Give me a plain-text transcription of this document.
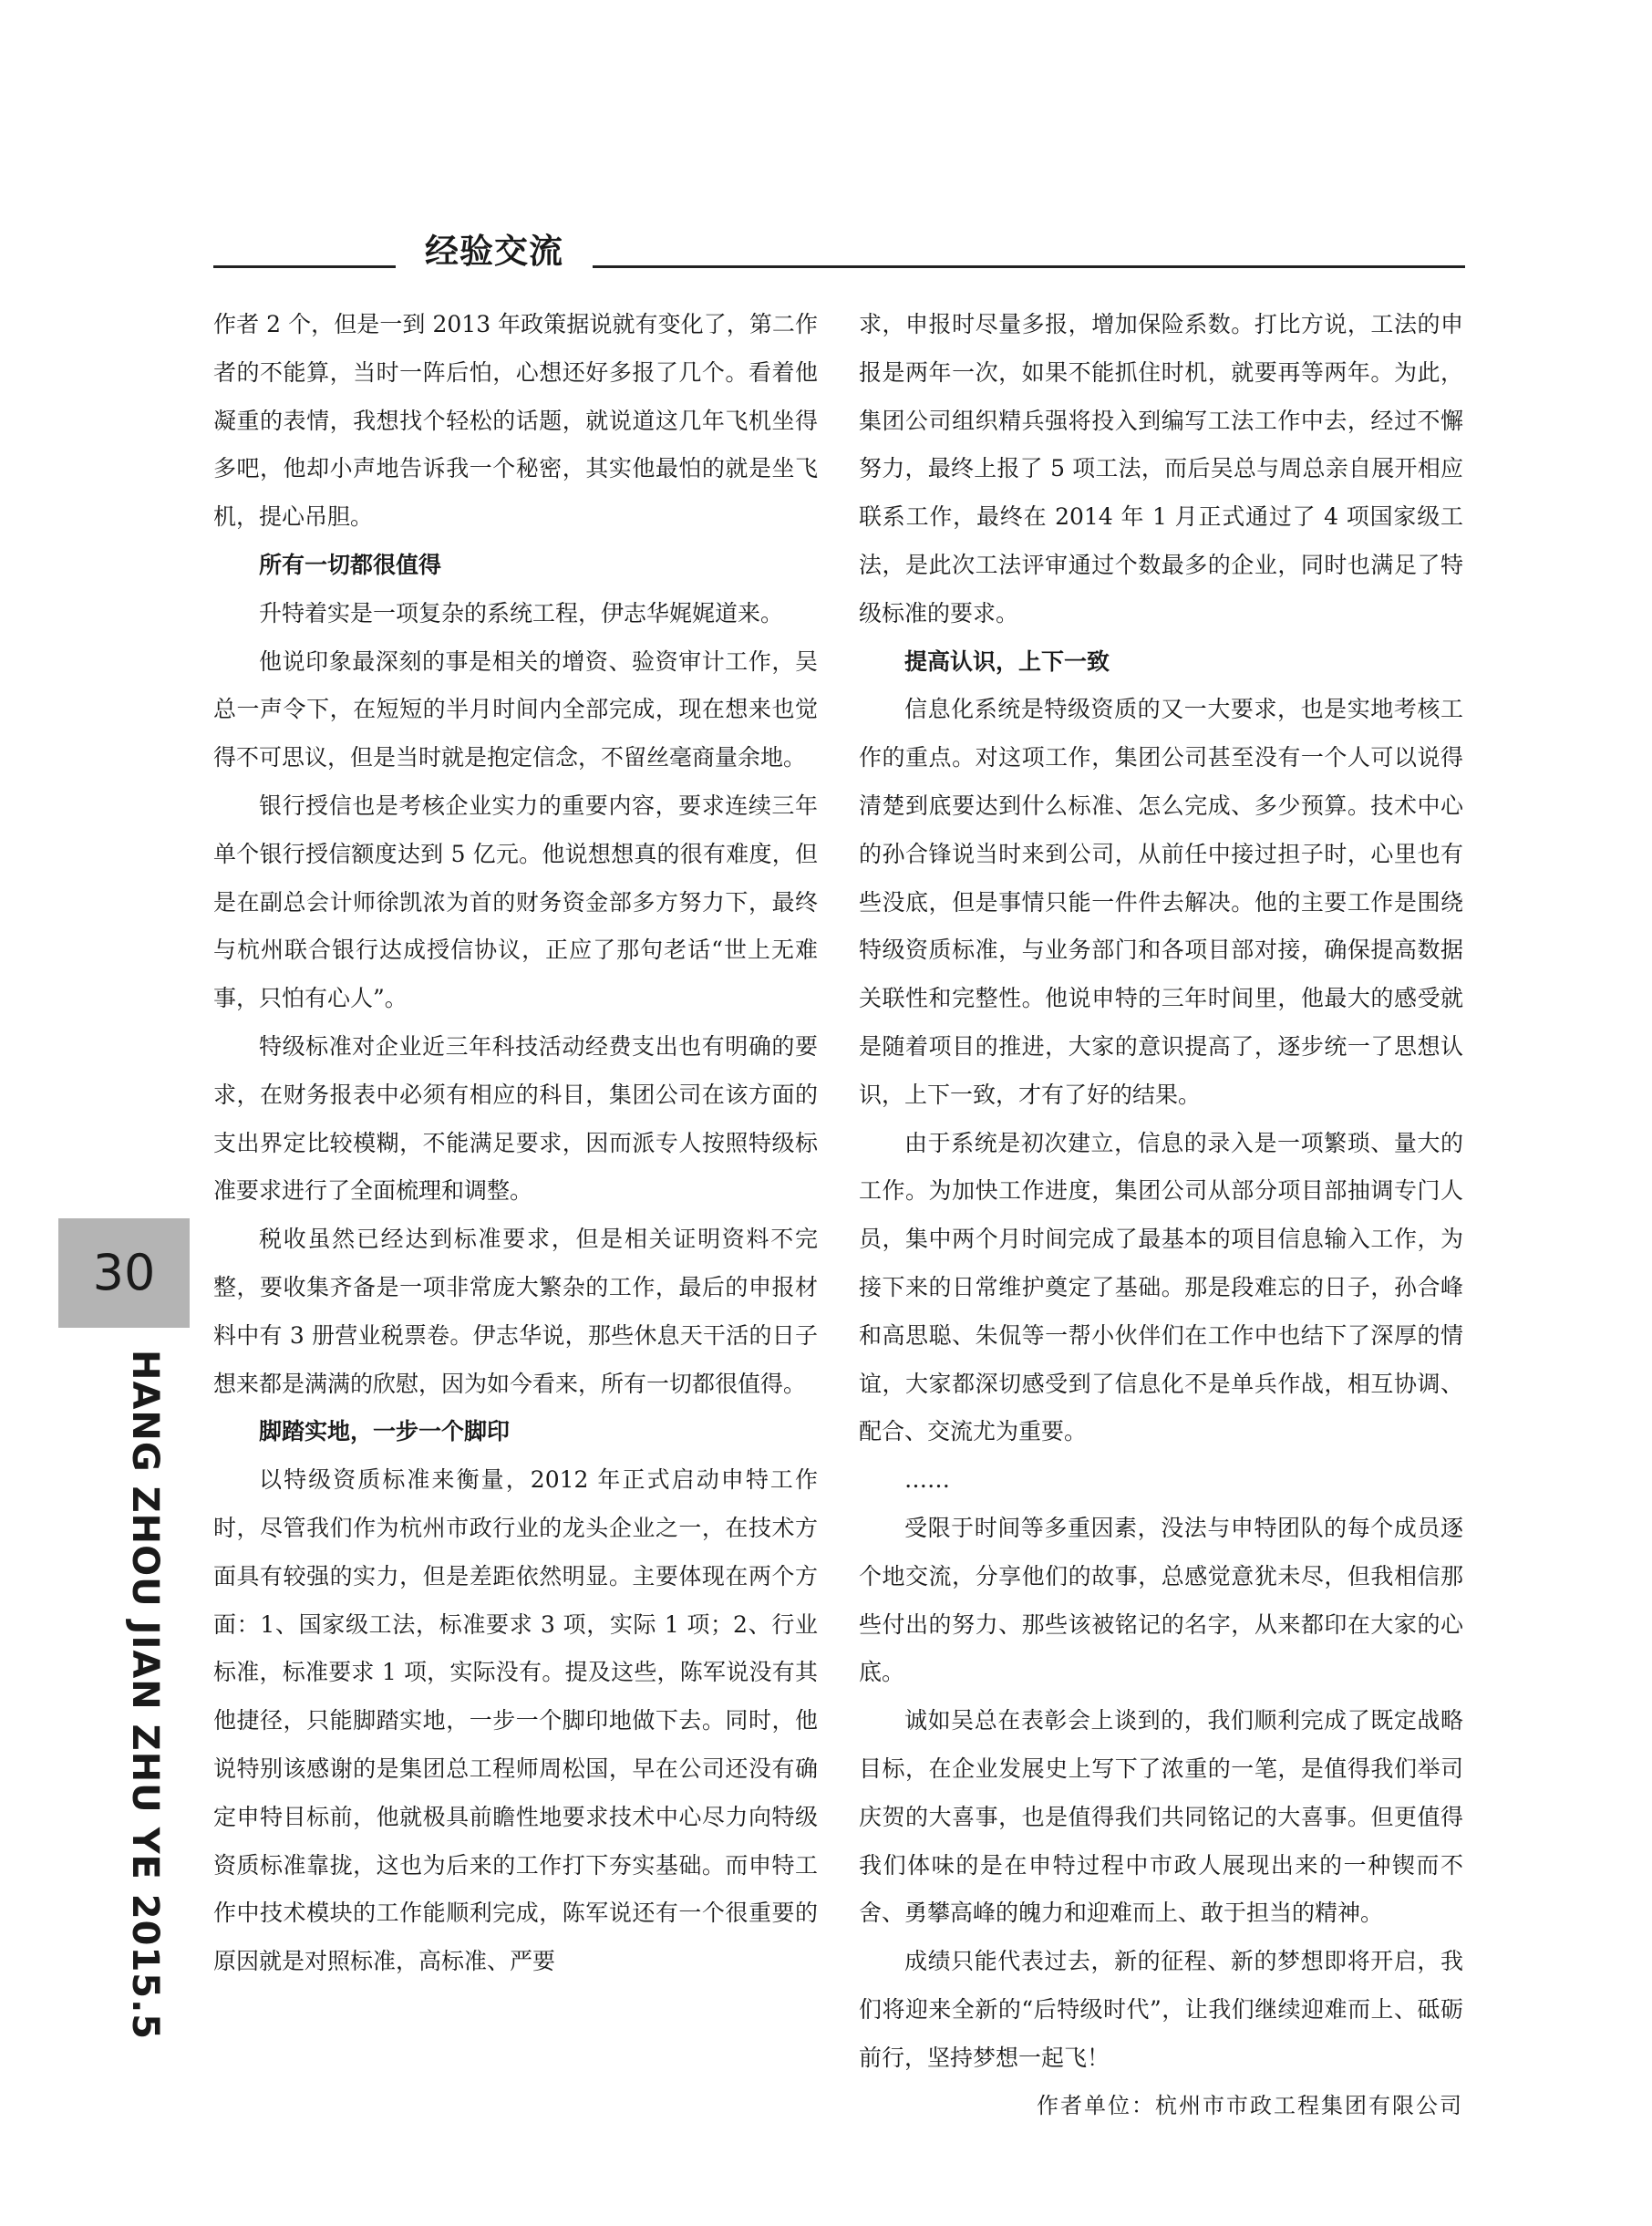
经验交流

作者 2 个，但是一到 2013 年政策据说就有变化了，第二作者的不能算，当时一阵后怕，心想还好多报了几个。看着他凝重的表情，我想找个轻松的话题，就说道这几年飞机坐得多吧，他却小声地告诉我一个秘密，其实他最怕的就是坐飞机，提心吊胆。

所有一切都很值得

升特着实是一项复杂的系统工程，伊志华娓娓道来。

他说印象最深刻的事是相关的增资、验资审计工作，吴总一声令下，在短短的半月时间内全部完成，现在想来也觉得不可思议，但是当时就是抱定信念，不留丝毫商量余地。

银行授信也是考核企业实力的重要内容，要求连续三年单个银行授信额度达到 5 亿元。他说想想真的很有难度，但是在副总会计师徐凯浓为首的财务资金部多方努力下，最终与杭州联合银行达成授信协议，正应了那句老话“世上无难事，只怕有心人”。

特级标准对企业近三年科技活动经费支出也有明确的要求，在财务报表中必须有相应的科目，集团公司在该方面的支出界定比较模糊，不能满足要求，因而派专人按照特级标准要求进行了全面梳理和调整。

税收虽然已经达到标准要求，但是相关证明资料不完整，要收集齐备是一项非常庞大繁杂的工作，最后的申报材料中有 3 册营业税票卷。伊志华说，那些休息天干活的日子想来都是满满的欣慰，因为如今看来，所有一切都很值得。

脚踏实地，一步一个脚印

以特级资质标准来衡量，2012 年正式启动申特工作时，尽管我们作为杭州市政行业的龙头企业之一，在技术方面具有较强的实力，但是差距依然明显。主要体现在两个方面：1、国家级工法，标准要求 3 项，实际 1 项；2、行业标准，标准要求 1 项，实际没有。提及这些，陈军说没有其他捷径，只能脚踏实地，一步一个脚印地做下去。同时，他说特别该感谢的是集团总工程师周松国，早在公司还没有确定申特目标前，他就极具前瞻性地要求技术中心尽力向特级资质标准靠拢，这也为后来的工作打下夯实基础。而申特工作中技术模块的工作能顺利完成，陈军说还有一个很重要的原因就是对照标准，高标准、严要

求，申报时尽量多报，增加保险系数。打比方说，工法的申报是两年一次，如果不能抓住时机，就要再等两年。为此，集团公司组织精兵强将投入到编写工法工作中去，经过不懈努力，最终上报了 5 项工法，而后吴总与周总亲自展开相应联系工作，最终在 2014 年 1 月正式通过了 4 项国家级工法，是此次工法评审通过个数最多的企业，同时也满足了特级标准的要求。

提高认识，上下一致

信息化系统是特级资质的又一大要求，也是实地考核工作的重点。对这项工作，集团公司甚至没有一个人可以说得清楚到底要达到什么标准、怎么完成、多少预算。技术中心的孙合锋说当时来到公司，从前任中接过担子时，心里也有些没底，但是事情只能一件件去解决。他的主要工作是围绕特级资质标准，与业务部门和各项目部对接，确保提高数据关联性和完整性。他说申特的三年时间里，他最大的感受就是随着项目的推进，大家的意识提高了，逐步统一了思想认识，上下一致，才有了好的结果。

由于系统是初次建立，信息的录入是一项繁琐、量大的工作。为加快工作进度，集团公司从部分项目部抽调专门人员，集中两个月时间完成了最基本的项目信息输入工作，为接下来的日常维护奠定了基础。那是段难忘的日子，孙合峰和高思聪、朱侃等一帮小伙伴们在工作中也结下了深厚的情谊，大家都深切感受到了信息化不是单兵作战，相互协调、配合、交流尤为重要。

……

受限于时间等多重因素，没法与申特团队的每个成员逐个地交流，分享他们的故事，总感觉意犹未尽，但我相信那些付出的努力、那些该被铭记的名字，从来都印在大家的心底。

诚如吴总在表彰会上谈到的，我们顺利完成了既定战略目标，在企业发展史上写下了浓重的一笔，是值得我们举司庆贺的大喜事，也是值得我们共同铭记的大喜事。但更值得我们体味的是在申特过程中市政人展现出来的一种锲而不舍、勇攀高峰的魄力和迎难而上、敢于担当的精神。

成绩只能代表过去，新的征程、新的梦想即将开启，我们将迎来全新的“后特级时代”，让我们继续迎难而上、砥砺前行，坚持梦想一起飞！

作者单位：杭州市市政工程集团有限公司

30
HANG ZHOU JIAN ZHU YE 2015.5
